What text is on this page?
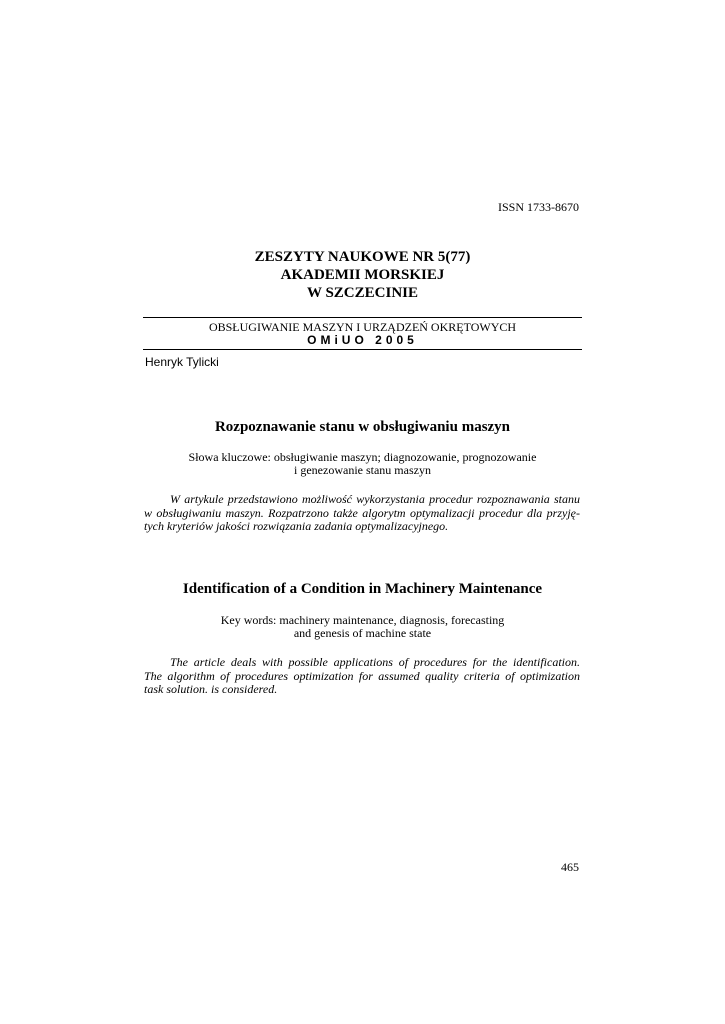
ISSN 1733-8670
ZESZYTY NAUKOWE NR 5(77)
AKADEMII MORSKIEJ
W SZCZECINIE
OBSŁUGIWANIE MASZYN I URZĄDZEŃ OKRĘTOWYCH
OMiUO 2005
Henryk Tylicki
Rozpoznawanie stanu w obsługiwaniu maszyn
Słowa kluczowe: obsługiwanie maszyn; diagnozowanie, prognozowanie
i genezowanie stanu maszyn
W artykule przedstawiono możliwość wykorzystania procedur rozpoznawania stanu
w obsługiwaniu maszyn. Rozpatrzono także algorytm optymalizacji procedur dla przyję-
tych kryteriów jakości rozwiązania zadania optymalizacyjnego.
Identification of a Condition in Machinery Maintenance
Key words: machinery maintenance, diagnosis, forecasting
and genesis of machine state
The article deals with possible applications of procedures for the identification.
The algorithm of procedures optimization for assumed quality criteria of optimization
task solution. is considered.
465
